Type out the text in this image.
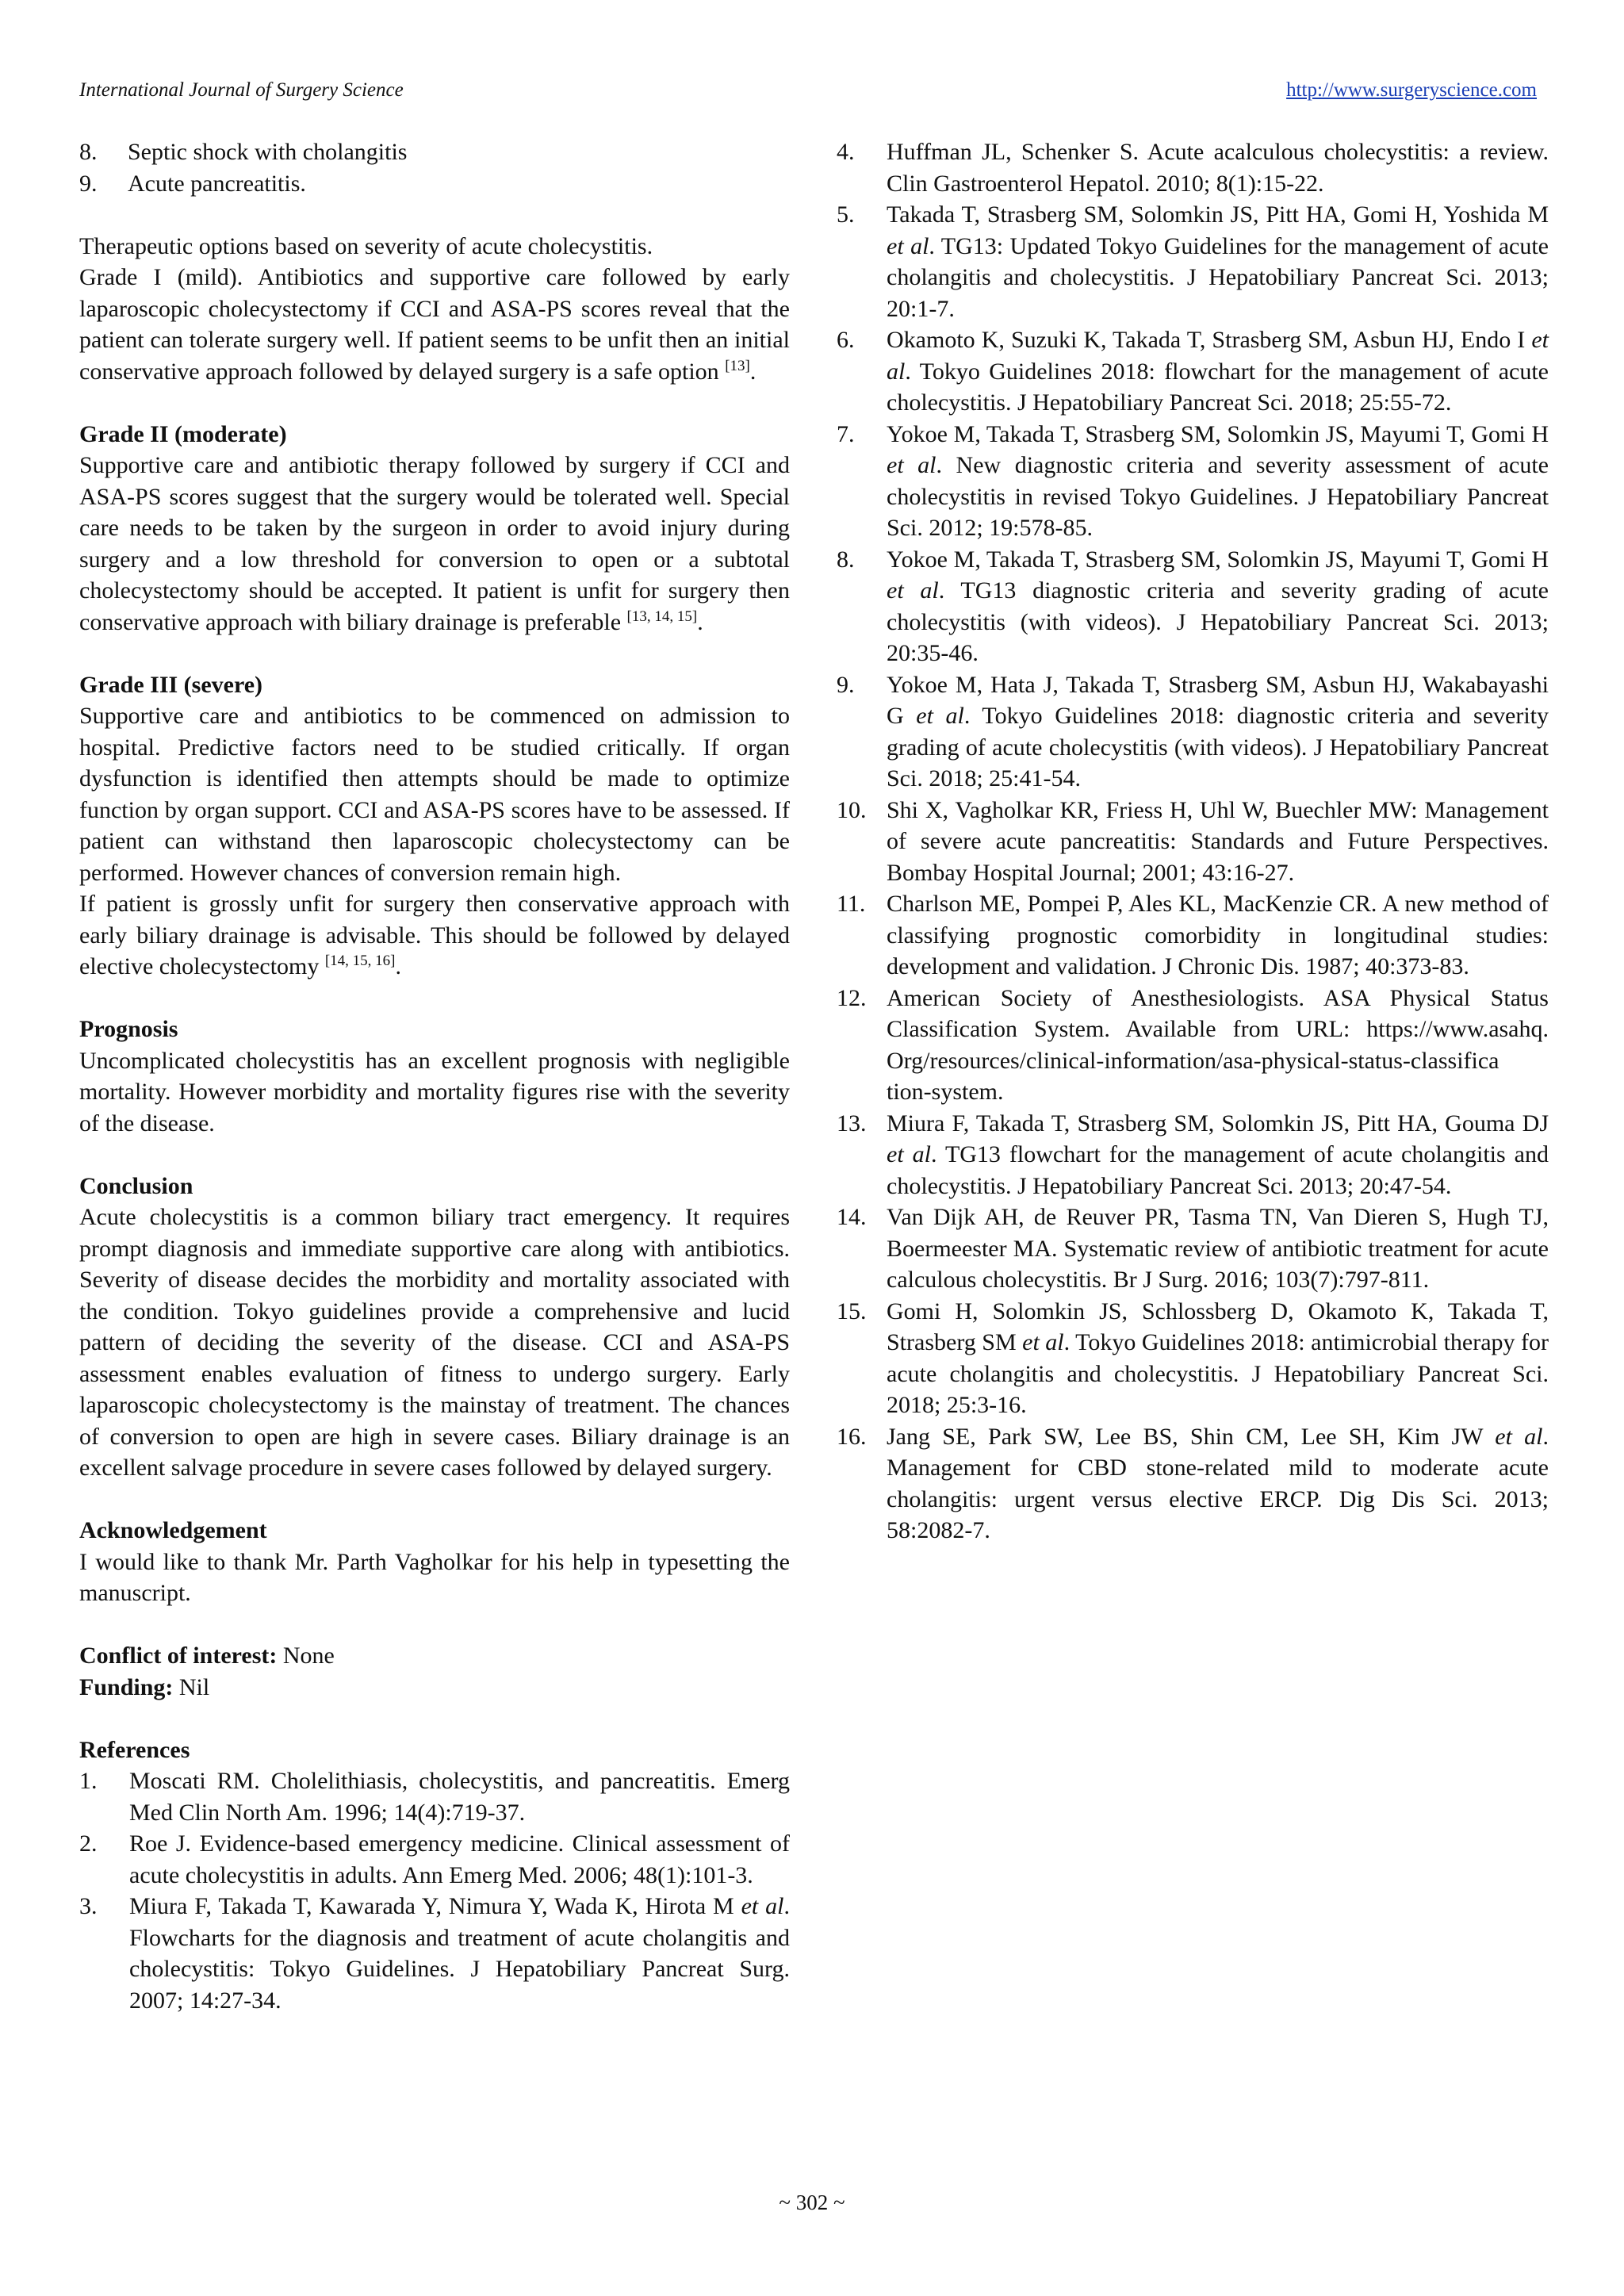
International Journal of Surgery Science	http://www.surgeryscience.com
8. Septic shock with cholangitis
9. Acute pancreatitis.

Therapeutic options based on severity of acute cholecystitis.

Grade I (mild). Antibiotics and supportive care followed by early laparoscopic cholecystectomy if CCI and ASA-PS scores reveal that the patient can tolerate surgery well. If patient seems to be unfit then an initial conservative approach followed by delayed surgery is a safe option [13].

Grade II (moderate)

Supportive care and antibiotic therapy followed by surgery if CCI and ASA-PS scores suggest that the surgery would be tolerated well. Special care needs to be taken by the surgeon in order to avoid injury during surgery and a low threshold for conversion to open or a subtotal cholecystectomy should be accepted. It patient is unfit for surgery then conservative approach with biliary drainage is preferable [13, 14, 15].

Grade III (severe)

Supportive care and antibiotics to be commenced on admission to hospital. Predictive factors need to be studied critically. If organ dysfunction is identified then attempts should be made to optimize function by organ support. CCI and ASA-PS scores have to be assessed. If patient can withstand then laparoscopic cholecystectomy can be performed. However chances of conversion remain high.

If patient is grossly unfit for surgery then conservative approach with early biliary drainage is advisable. This should be followed by delayed elective cholecystectomy [14, 15, 16].

Prognosis

Uncomplicated cholecystitis has an excellent prognosis with negligible mortality. However morbidity and mortality figures rise with the severity of the disease.

Conclusion

Acute cholecystitis is a common biliary tract emergency. It requires prompt diagnosis and immediate supportive care along with antibiotics. Severity of disease decides the morbidity and mortality associated with the condition. Tokyo guidelines provide a comprehensive and lucid pattern of deciding the severity of the disease. CCI and ASA-PS assessment enables evaluation of fitness to undergo surgery. Early laparoscopic cholecystectomy is the mainstay of treatment. The chances of conversion to open are high in severe cases. Biliary drainage is an excellent salvage procedure in severe cases followed by delayed surgery.

Acknowledgement

I would like to thank Mr. Parth Vagholkar for his help in typesetting the manuscript.

Conflict of interest: None

Funding: Nil

References

1. Moscati RM. Cholelithiasis, cholecystitis, and pancreatitis. Emerg Med Clin North Am. 1996; 14(4):719-37.
2. Roe J. Evidence-based emergency medicine. Clinical assessment of acute cholecystitis in adults. Ann Emerg Med. 2006; 48(1):101-3.
3. Miura F, Takada T, Kawarada Y, Nimura Y, Wada K, Hirota M et al. Flowcharts for the diagnosis and treatment of acute cholangitis and cholecystitis: Tokyo Guidelines. J Hepatobiliary Pancreat Surg. 2007; 14:27-34.
4. Huffman JL, Schenker S. Acute acalculous cholecystitis: a review. Clin Gastroenterol Hepatol. 2010; 8(1):15-22.
5. Takada T, Strasberg SM, Solomkin JS, Pitt HA, Gomi H, Yoshida M et al. TG13: Updated Tokyo Guidelines for the management of acute cholangitis and cholecystitis. J Hepatobiliary Pancreat Sci. 2013; 20:1-7.
6. Okamoto K, Suzuki K, Takada T, Strasberg SM, Asbun HJ, Endo I et al. Tokyo Guidelines 2018: flowchart for the management of acute cholecystitis. J Hepatobiliary Pancreat Sci. 2018; 25:55-72.
7. Yokoe M, Takada T, Strasberg SM, Solomkin JS, Mayumi T, Gomi H et al. New diagnostic criteria and severity assessment of acute cholecystitis in revised Tokyo Guidelines. J Hepatobiliary Pancreat Sci. 2012; 19:578-85.
8. Yokoe M, Takada T, Strasberg SM, Solomkin JS, Mayumi T, Gomi H et al. TG13 diagnostic criteria and severity grading of acute cholecystitis (with videos). J Hepatobiliary Pancreat Sci. 2013; 20:35-46.
9. Yokoe M, Hata J, Takada T, Strasberg SM, Asbun HJ, Wakabayashi G et al. Tokyo Guidelines 2018: diagnostic criteria and severity grading of acute cholecystitis (with videos). J Hepatobiliary Pancreat Sci. 2018; 25:41-54.
10. Shi X, Vagholkar KR, Friess H, Uhl W, Buechler MW: Management of severe acute pancreatitis: Standards and Future Perspectives. Bombay Hospital Journal; 2001; 43:16-27.
11. Charlson ME, Pompei P, Ales KL, MacKenzie CR. A new method of classifying prognostic comorbidity in longitudinal studies: development and validation. J Chronic Dis. 1987; 40:373-83.
12. American Society of Anesthesiologists. ASA Physical Status Classification System. Available from URL: https://www.asahq. Org/resources/clinical-information/asa-physical-status-classifica tion-system.
13. Miura F, Takada T, Strasberg SM, Solomkin JS, Pitt HA, Gouma DJ et al. TG13 flowchart for the management of acute cholangitis and cholecystitis. J Hepatobiliary Pancreat Sci. 2013; 20:47-54.
14. Van Dijk AH, de Reuver PR, Tasma TN, Van Dieren S, Hugh TJ, Boermeester MA. Systematic review of antibiotic treatment for acute calculous cholecystitis. Br J Surg. 2016; 103(7):797-811.
15. Gomi H, Solomkin JS, Schlossberg D, Okamoto K, Takada T, Strasberg SM et al. Tokyo Guidelines 2018: antimicrobial therapy for acute cholangitis and cholecystitis. J Hepatobiliary Pancreat Sci. 2018; 25:3-16.
16. Jang SE, Park SW, Lee BS, Shin CM, Lee SH, Kim JW et al. Management for CBD stone-related mild to moderate acute cholangitis: urgent versus elective ERCP. Dig Dis Sci. 2013; 58:2082-7.
~ 302 ~
